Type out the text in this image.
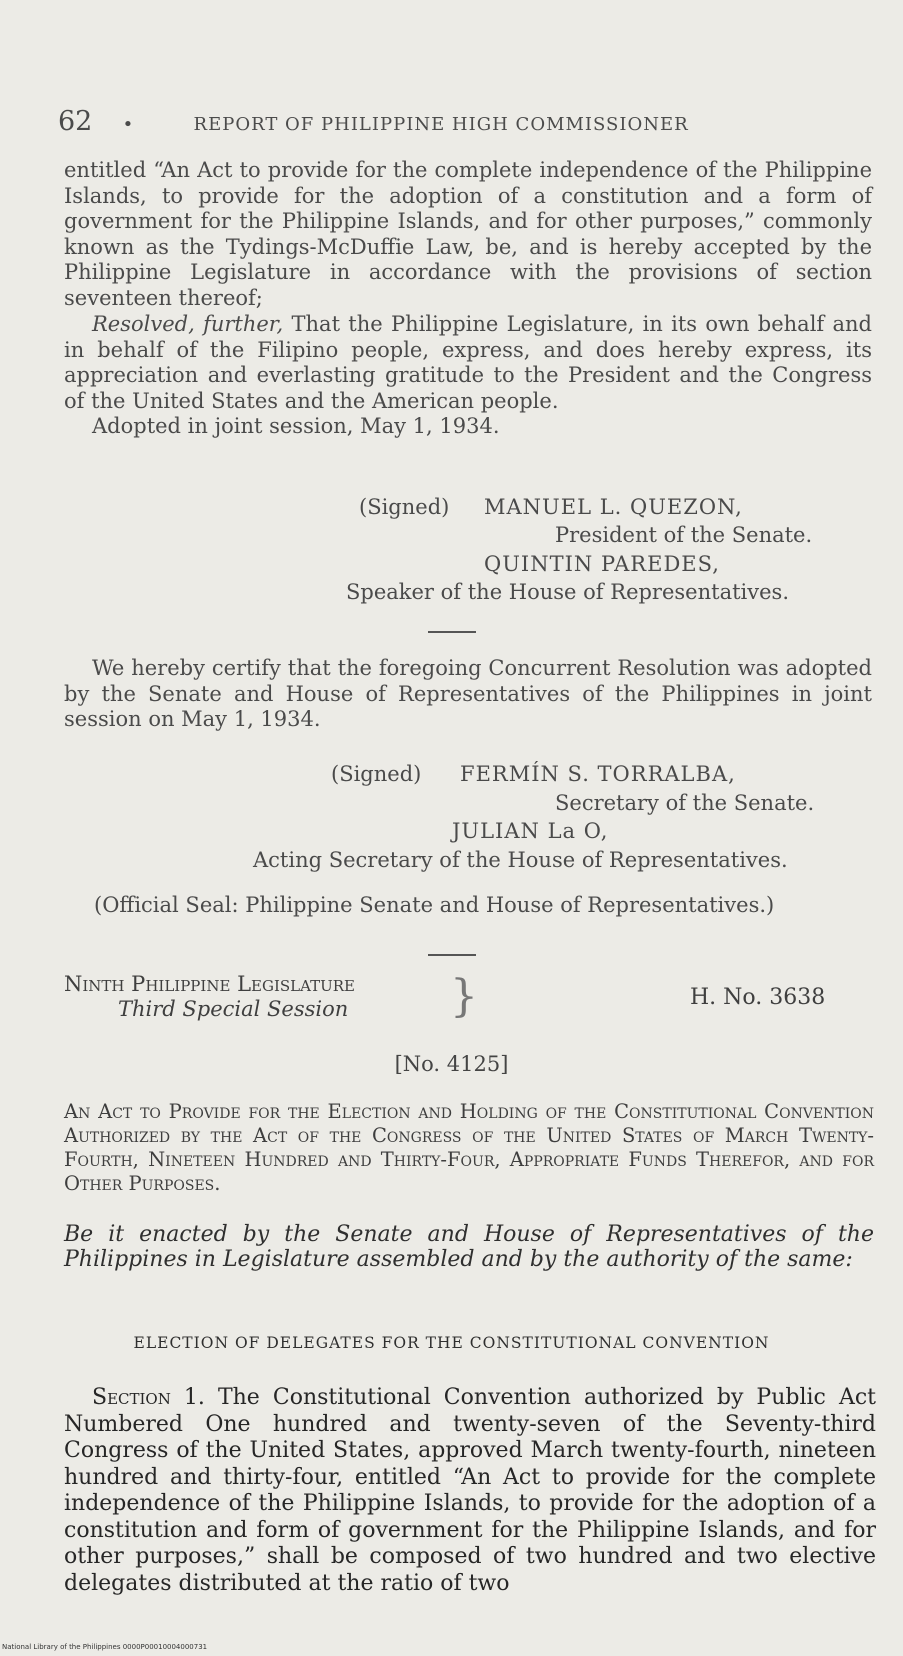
62 •	REPORT OF PHILIPPINE HIGH COMMISSIONER
entitled “An Act to provide for the complete independence of the Philippine Islands, to provide for the adoption of a constitution and a form of government for the Philippine Islands, and for other purposes,” commonly known as the Tydings-McDuffie Law, be, and is hereby accepted by the Philippine Legislature in accordance with the provisions of section seventeen thereof;
Resolved, further, That the Philippine Legislature, in its own behalf and in behalf of the Filipino people, express, and does hereby express, its appreciation and everlasting gratitude to the President and the Congress of the United States and the American people.
Adopted in joint session, May 1, 1934.
(Signed) MANUEL L. QUEZON,
President of the Senate.
QUINTIN PAREDES,
Speaker of the House of Representatives.
We hereby certify that the foregoing Concurrent Resolution was adopted by the Senate and House of Representatives of the Philippines in joint session on May 1, 1934.
(Signed) FERMÍN S. TORRALBA,
Secretary of the Senate.
JULIAN La O,
Acting Secretary of the House of Representatives.
(Official Seal: Philippine Senate and House of Representatives.)
Ninth Philippine Legislature
Third Special Session }	H. No. 3638
[No. 4125]
An Act to Provide for the Election and Holding of the Constitutional Convention Authorized by the Act of the Congress of the United States of March Twenty-Fourth, Nineteen Hundred and Thirty-Four, Appropriate Funds Therefor, and for Other Purposes.
Be it enacted by the Senate and House of Representatives of the Philippines in Legislature assembled and by the authority of the same:
ELECTION OF DELEGATES FOR THE CONSTITUTIONAL CONVENTION
Section 1. The Constitutional Convention authorized by Public Act Numbered One hundred and twenty-seven of the Seventy-third Congress of the United States, approved March twenty-fourth, nineteen hundred and thirty-four, entitled “An Act to provide for the complete independence of the Philippine Islands, to provide for the adoption of a constitution and form of government for the Philippine Islands, and for other purposes,” shall be composed of two hundred and two elective delegates distributed at the ratio of two
National Library of the Philippines 0000P00010004000731
